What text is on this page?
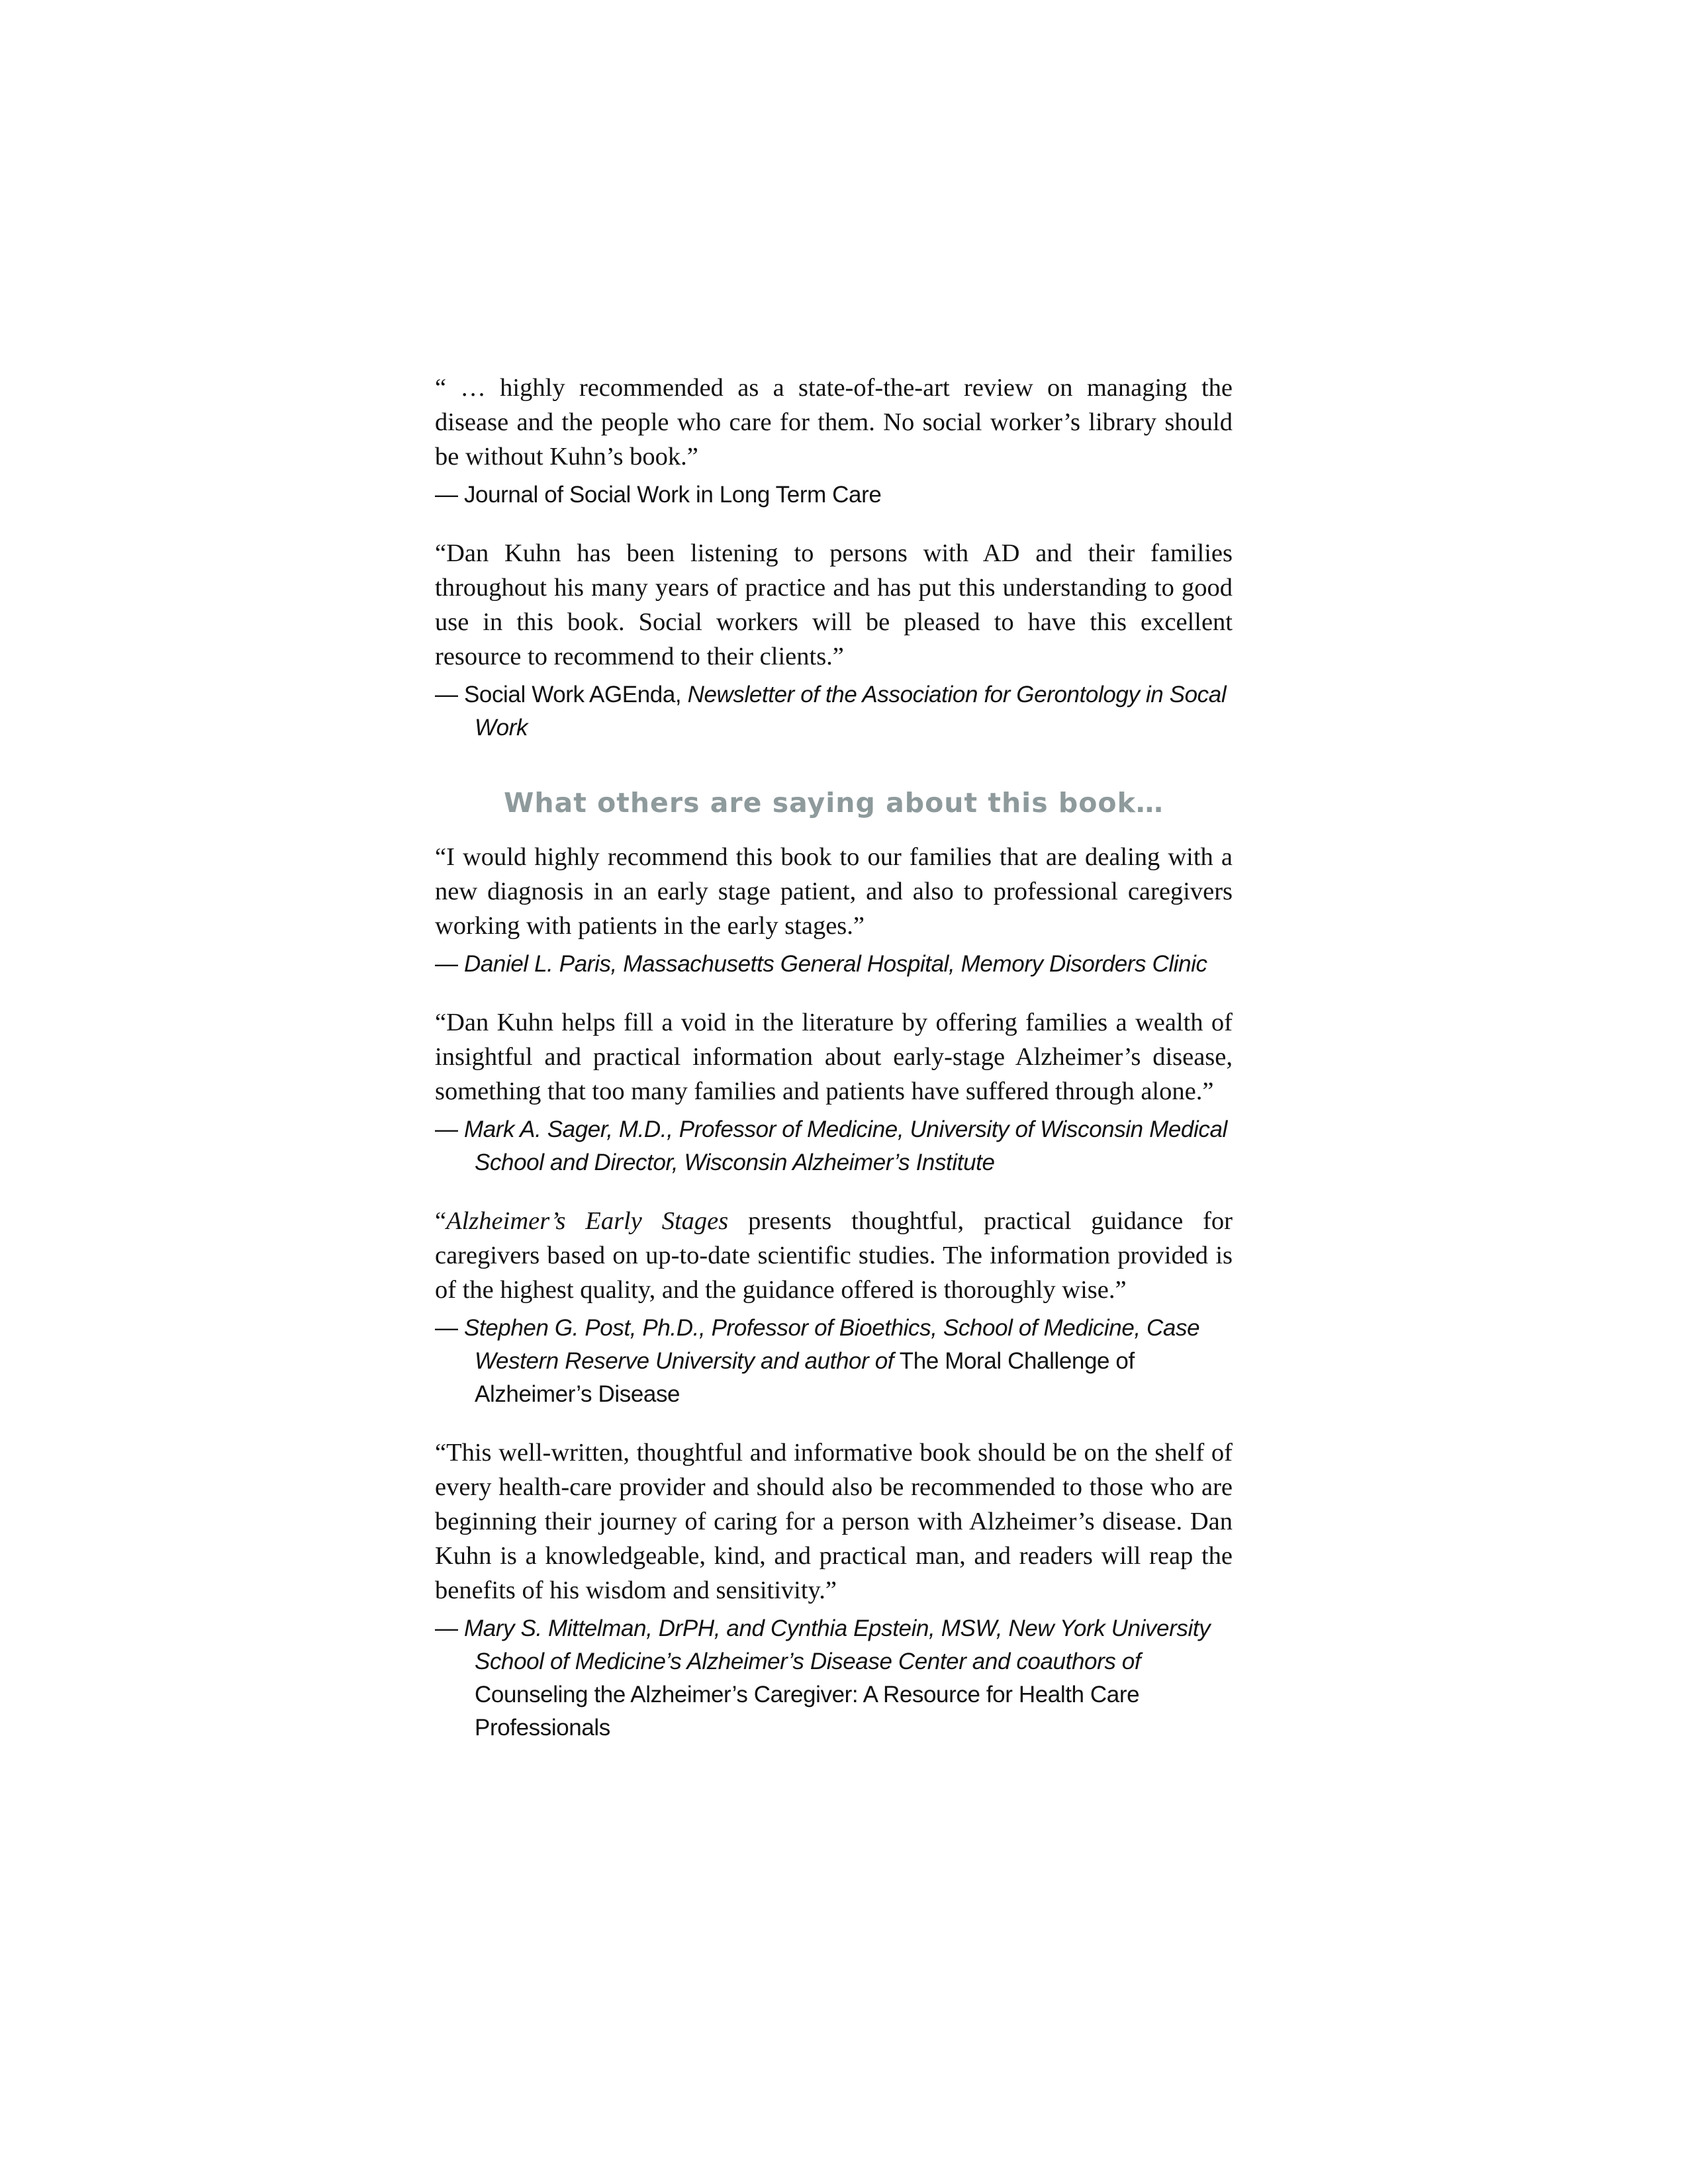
“ … highly recommended as a state-of-the-art review on managing the disease and the people who care for them. No social worker’s library should be without Kuhn’s book.”

— Journal of Social Work in Long Term Care

“Dan Kuhn has been listening to persons with AD and their families throughout his many years of practice and has put this understanding to good use in this book. Social workers will be pleased to have this excellent resource to recommend to their clients.”

— Social Work AGEnda, Newsletter of the Association for Gerontology in Socal Work

What others are saying about this book…

“I would highly recommend this book to our families that are dealing with a new diagnosis in an early stage patient, and also to professional caregivers working with patients in the early stages.”

— Daniel L. Paris, Massachusetts General Hospital, Memory Disorders Clinic

“Dan Kuhn helps fill a void in the literature by offering families a wealth of insightful and practical information about early-stage Alzheimer’s disease, something that too many families and patients have suffered through alone.”

— Mark A. Sager, M.D., Professor of Medicine, University of Wisconsin Medical School and Director, Wisconsin Alzheimer’s Institute

“Alzheimer’s Early Stages presents thoughtful, practical guidance for caregivers based on up-to-date scientific studies. The information provided is of the highest quality, and the guidance offered is thoroughly wise.”

— Stephen G. Post, Ph.D., Professor of Bioethics, School of Medicine, Case Western Reserve University and author of The Moral Challenge of Alzheimer’s Disease

“This well-written, thoughtful and informative book should be on the shelf of every health-care provider and should also be recommended to those who are beginning their journey of caring for a person with Alzheimer’s disease. Dan Kuhn is a knowledgeable, kind, and practical man, and readers will reap the benefits of his wisdom and sensitivity.”

— Mary S. Mittelman, DrPH, and Cynthia Epstein, MSW, New York University School of Medicine’s Alzheimer’s Disease Center and coauthors of Counseling the Alzheimer’s Caregiver: A Resource for Health Care Professionals
